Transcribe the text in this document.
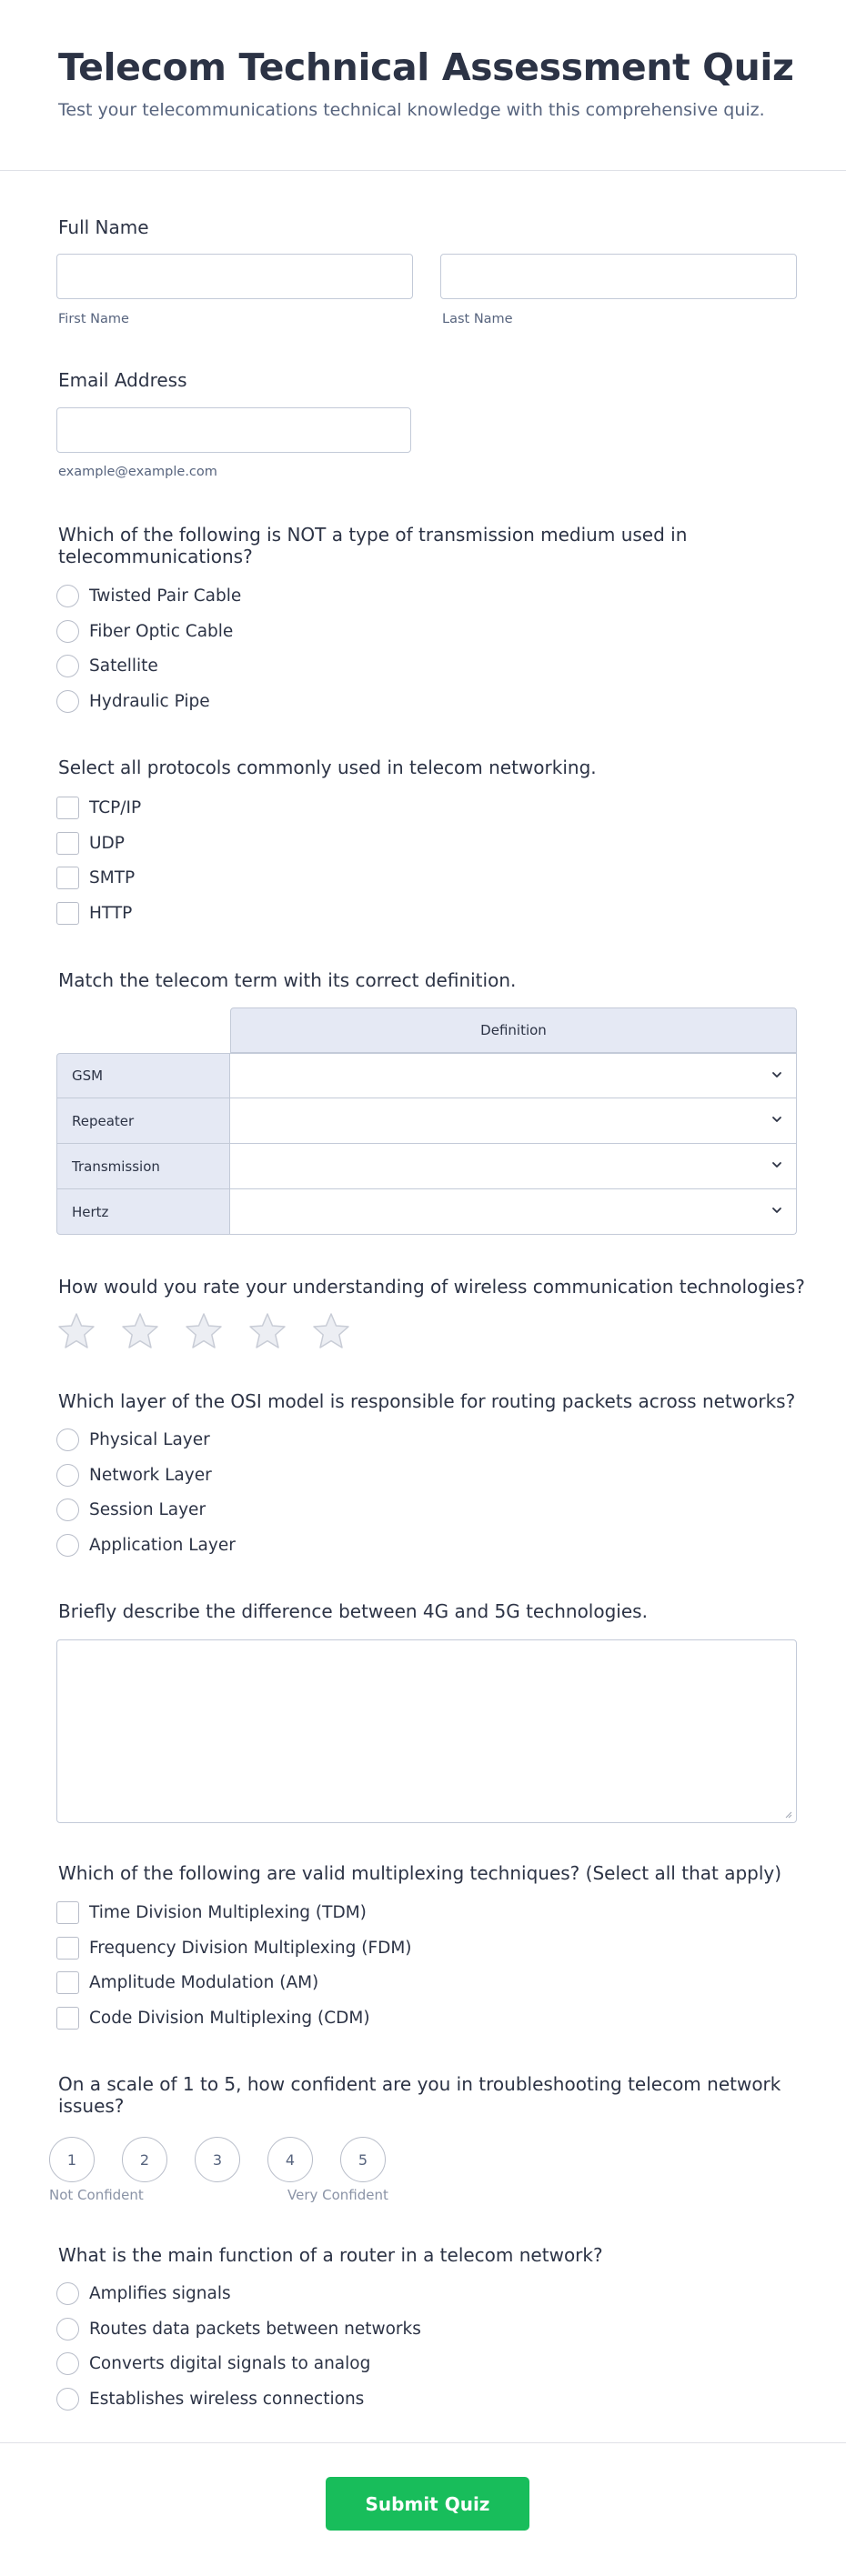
Telecom Technical Assessment Quiz

Test your telecommunications technical knowledge with this comprehensive quiz.

Full Name
First Name	Last Name
Email Address
example@example.com
Which of the following is NOT a type of transmission medium used in telecommunications?
Twisted Pair Cable
Fiber Optic Cable
Satellite
Hydraulic Pipe
Select all protocols commonly used in telecom networking.
TCP/IP
UDP
SMTP
HTTP
Match the telecom term with its correct definition.
Definition
GSM
Repeater
Transmission
Hertz
How would you rate your understanding of wireless communication technologies?
Which layer of the OSI model is responsible for routing packets across networks?
Physical Layer
Network Layer
Session Layer
Application Layer
Briefly describe the difference between 4G and 5G technologies.
Which of the following are valid multiplexing techniques? (Select all that apply)
Time Division Multiplexing (TDM)
Frequency Division Multiplexing (FDM)
Amplitude Modulation (AM)
Code Division Multiplexing (CDM)
On a scale of 1 to 5, how confident are you in troubleshooting telecom network issues?
1	2	3	4	5
Not Confident	Very Confident
What is the main function of a router in a telecom network?
Amplifies signals
Routes data packets between networks
Converts digital signals to analog
Establishes wireless connections
Submit Quiz
